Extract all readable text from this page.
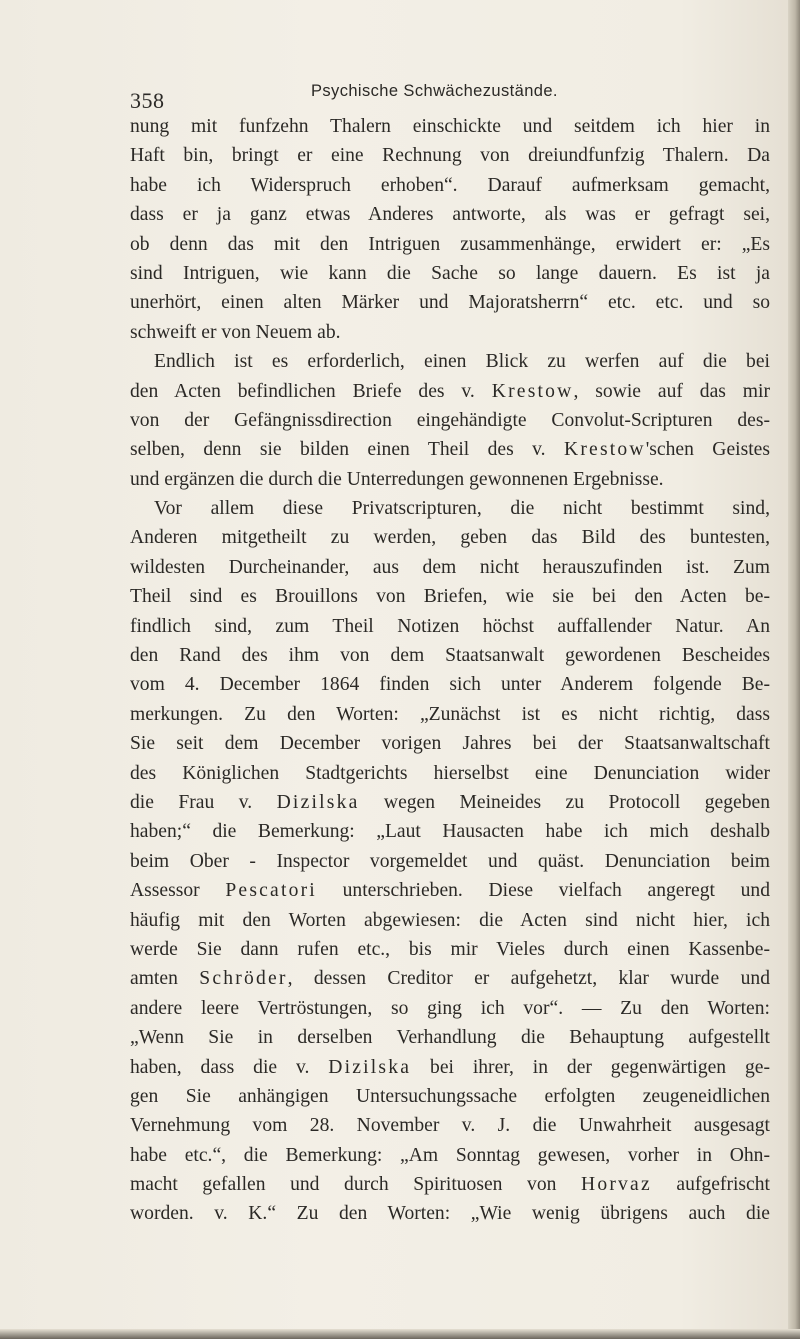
358	Psychische Schwächezustände.
nung mit funfzehn Thalern einschickte und seitdem ich hier in
Haft bin, bringt er eine Rechnung von dreiundfunfzig Thalern. Da
habe ich Widerspruch erhoben“. Darauf aufmerksam gemacht,
dass er ja ganz etwas Anderes antworte, als was er gefragt sei,
ob denn das mit den Intriguen zusammenhänge, erwidert er: „Es
sind Intriguen, wie kann die Sache so lange dauern. Es ist ja
unerhört, einen alten Märker und Majoratsherrn“ etc. etc. und so
schweift er von Neuem ab.
Endlich ist es erforderlich, einen Blick zu werfen auf die bei
den Acten befindlichen Briefe des v. Krestow, sowie auf das mir
von der Gefängnissdirection eingehändigte Convolut-Scripturen des-
selben, denn sie bilden einen Theil des v. Krestow'schen Geistes
und ergänzen die durch die Unterredungen gewonnenen Ergebnisse.
Vor allem diese Privatscripturen, die nicht bestimmt sind,
Anderen mitgetheilt zu werden, geben das Bild des buntesten,
wildesten Durcheinander, aus dem nicht herauszufinden ist. Zum
Theil sind es Brouillons von Briefen, wie sie bei den Acten be-
findlich sind, zum Theil Notizen höchst auffallender Natur. An
den Rand des ihm von dem Staatsanwalt gewordenen Bescheides
vom 4. December 1864 finden sich unter Anderem folgende Be-
merkungen. Zu den Worten: „Zunächst ist es nicht richtig, dass
Sie seit dem December vorigen Jahres bei der Staatsanwaltschaft
des Königlichen Stadtgerichts hierselbst eine Denunciation wider
die Frau v. Dizilska wegen Meineides zu Protocoll gegeben
haben;“ die Bemerkung: „Laut Hausacten habe ich mich deshalb
beim Ober - Inspector vorgemeldet und quäst. Denunciation beim
Assessor Pescatori unterschrieben. Diese vielfach angeregt und
häufig mit den Worten abgewiesen: die Acten sind nicht hier, ich
werde Sie dann rufen etc., bis mir Vieles durch einen Kassenbe-
amten Schröder, dessen Creditor er aufgehetzt, klar wurde und
andere leere Vertröstungen, so ging ich vor“. — Zu den Worten:
„Wenn Sie in derselben Verhandlung die Behauptung aufgestellt
haben, dass die v. Dizilska bei ihrer, in der gegenwärtigen ge-
gen Sie anhängigen Untersuchungssache erfolgten zeugeneidlichen
Vernehmung vom 28. November v. J. die Unwahrheit ausgesagt
habe etc.“, die Bemerkung: „Am Sonntag gewesen, vorher in Ohn-
macht gefallen und durch Spirituosen von Horvaz aufgefrischt
worden. v. K.“ Zu den Worten: „Wie wenig übrigens auch die
